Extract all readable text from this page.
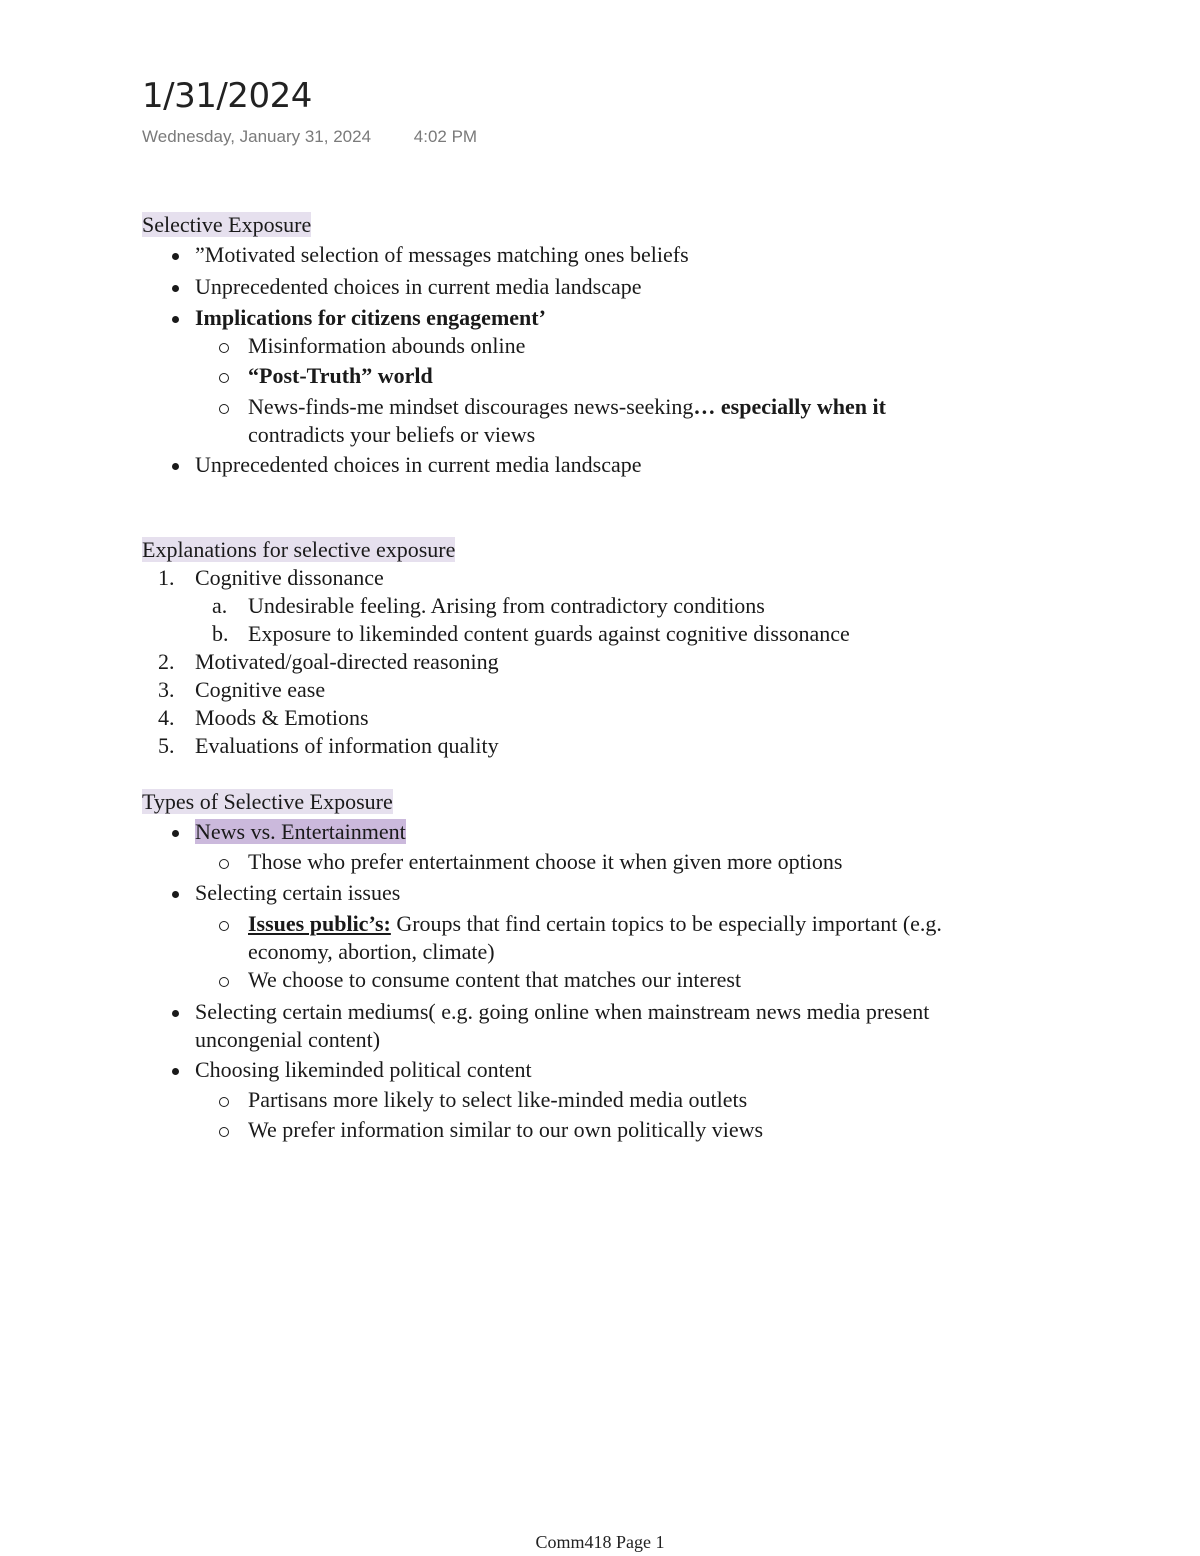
1/31/2024
Wednesday, January 31, 2024	4:02 PM
Selective Exposure
”Motivated selection of messages matching ones beliefs
Unprecedented choices in current media landscape
Implications for citizens engagement’
Misinformation abounds online
“Post-Truth” world
News-finds-me mindset discourages news-seeking… especially when it
contradicts your beliefs or views
Unprecedented choices in current media landscape
Explanations for selective exposure
1. Cognitive dissonance
a. Undesirable feeling. Arising from contradictory conditions
b. Exposure to likeminded content guards against cognitive dissonance
2. Motivated/goal-directed reasoning
3. Cognitive ease
4. Moods & Emotions
5. Evaluations of information quality
Types of Selective Exposure
News vs. Entertainment
Those who prefer entertainment choose it when given more options
Selecting certain issues
Issues public’s: Groups that find certain topics to be especially important (e.g.
economy, abortion, climate)
We choose to consume content that matches our interest
Selecting certain mediums( e.g. going online when mainstream news media present
uncongenial content)
Choosing likeminded political content
Partisans more likely to select like-minded media outlets
We prefer information similar to our own politically views
Comm418 Page 1
